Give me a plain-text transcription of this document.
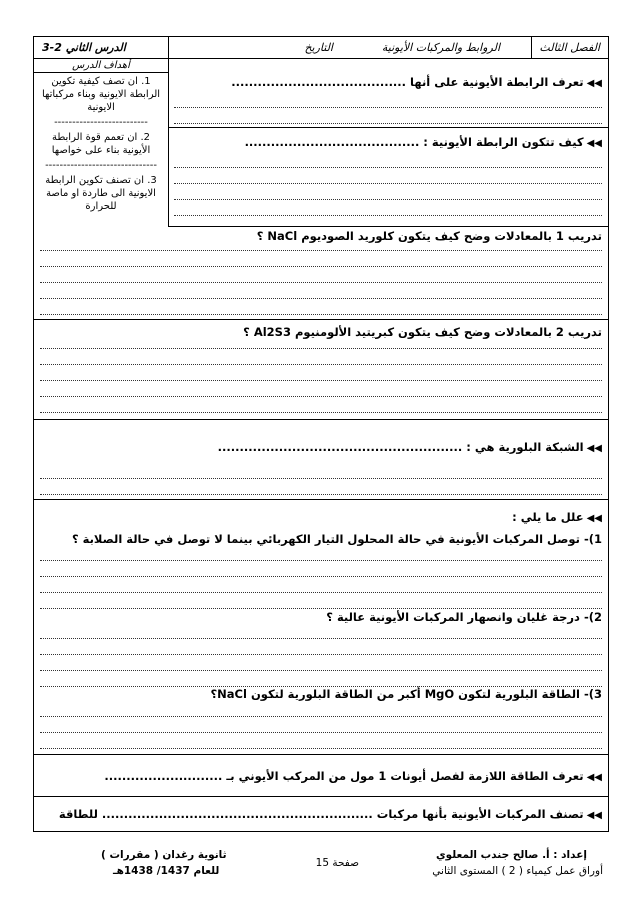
الفصل الثالث
الروابط والمركبات الأيونية
التاريخ
الدرس الثاني 2-3
أهداف الدرس
1. ان تصف كيفية تكوين الرابطة الايونية وبناء مركباتها الايونية
--------------------------
2. ان تعمم قوة الرابطة الأيونية بناء على خواصها
-------------------------------
3. ان تصنف تكوين الرابطة الايونية الى طاردة او ماصة للحرارة
◀◀تعرف الرابطة الأيونية على أنها ........................................
◀◀كيف تتكون الرابطة الأيونية : ........................................
تدريب 1 بالمعادلات وضح كيف يتكون كلوريد الصوديوم NaCl ؟
تدريب 2 بالمعادلات وضح كيف يتكون كبريتيد الألومنيوم Al2S3 ؟
◀◀الشبكة البلورية هي : ........................................................
◀◀علل ما يلي :
1)- توصل المركبات الأيونية في حالة المحلول التيار الكهربائي بينما لا توصل في حالة الصلابة ؟
2)- درجة غليان وانصهار المركبات الأيونية عالية ؟
3)- الطاقة البلورية لتكون MgO أكبر من الطاقة البلورية لتكون NaCl؟
◀◀تعرف الطاقة اللازمة لفصل أيونات 1 مول من المركب الأيوني بـ ...........................
◀◀تصنف المركبات الأيونية بأنها مركبات .............................................................. للطاقة
إعداد : أ. صالح جندب المعلوي
أوراق عمل كيمياء ( 2 ) المستوى الثاني
صفحة 15
ثانوية رغدان ( مقررات )
للعام 1437/ 1438هـ
